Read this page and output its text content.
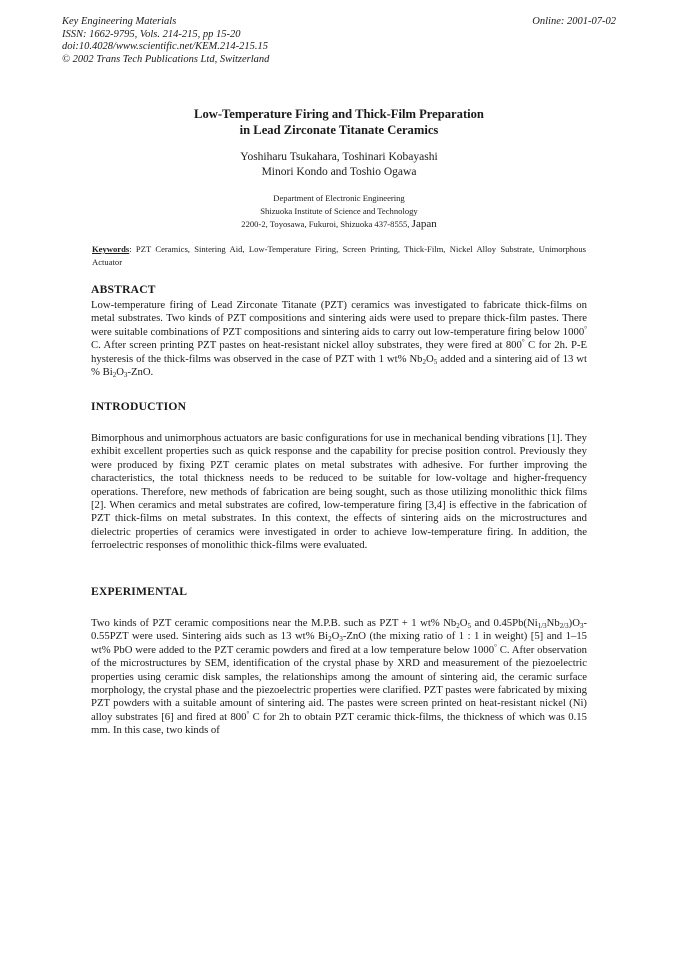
Key Engineering Materials
ISSN: 1662-9795, Vols. 214-215, pp 15-20
doi:10.4028/www.scientific.net/KEM.214-215.15
© 2002 Trans Tech Publications Ltd, Switzerland
Online: 2001-07-02
Low-Temperature Firing and Thick-Film Preparation
in Lead Zirconate Titanate Ceramics
Yoshiharu Tsukahara, Toshinari Kobayashi
Minori Kondo and Toshio Ogawa
Department of Electronic Engineering
Shizuoka Institute of Science and Technology
2200-2, Toyosawa, Fukuroi, Shizuoka 437-8555, Japan
Keywords: PZT Ceramics, Sintering Aid, Low-Temperature Firing, Screen Printing, Thick-Film, Nickel Alloy Substrate, Unimorphous Actuator
ABSTRACT

Low-temperature firing of Lead Zirconate Titanate (PZT) ceramics was investigated to fabricate thick-films on metal substrates. Two kinds of PZT compositions and sintering aids were used to prepare thick-film pastes. There were suitable combinations of PZT compositions and sintering aids to carry out low-temperature firing below 1000° C. After screen printing PZT pastes on heat-resistant nickel alloy substrates, they were fired at 800° C for 2h. P-E hysteresis of the thick-films was observed in the case of PZT with 1 wt% $Nb_2O_5$ added and a sintering aid of 13 wt % $Bi_2O_3$-ZnO.

INTRODUCTION

Bimorphous and unimorphous actuators are basic configurations for use in mechanical bending vibrations [1]. They exhibit excellent properties such as quick response and the capability for precise position control. Previously they were produced by fixing PZT ceramic plates on metal substrates with adhesive. For further improving the characteristics, the total thickness needs to be reduced to be suitable for low-voltage and higher-frequency operations. Therefore, new methods of fabrication are being sought, such as those utilizing monolithic thick films [2]. When ceramics and metal substrates are cofired, low-temperature firing [3,4] is effective in the fabrication of PZT thick-films on metal substrates. In this context, the effects of sintering aids on the microstructures and dielectric properties of ceramics were investigated in order to achieve low-temperature firing. In addition, the ferroelectric responses of monolithic thick-films were evaluated.

EXPERIMENTAL

Two kinds of PZT ceramic compositions near the M.P.B. such as PZT + 1 wt% $Nb_2O_5$ and $0.45Pb(Ni_{1/3}Nb_{2/3})O_3-0.55PZT$ were used. Sintering aids such as 13 wt% $Bi_2O_3$-ZnO (the mixing ratio of 1 : 1 in weight) [5] and 1–15 wt% PbO were added to the PZT ceramic powders and fired at a low temperature below 1000° C. After observation of the microstructures by SEM, identification of the crystal phase by XRD and measurement of the piezoelectric properties using ceramic disk samples, the relationships among the amount of sintering aid, the ceramic surface morphology, the crystal phase and the piezoelectric properties were clarified. PZT pastes were fabricated by mixing PZT powders with a suitable amount of sintering aid. The pastes were screen printed on heat-resistant nickel (Ni) alloy substrates [6] and fired at 800° C for 2h to obtain PZT ceramic thick-films, the thickness of which was 0.15 mm. In this case, two kinds of
